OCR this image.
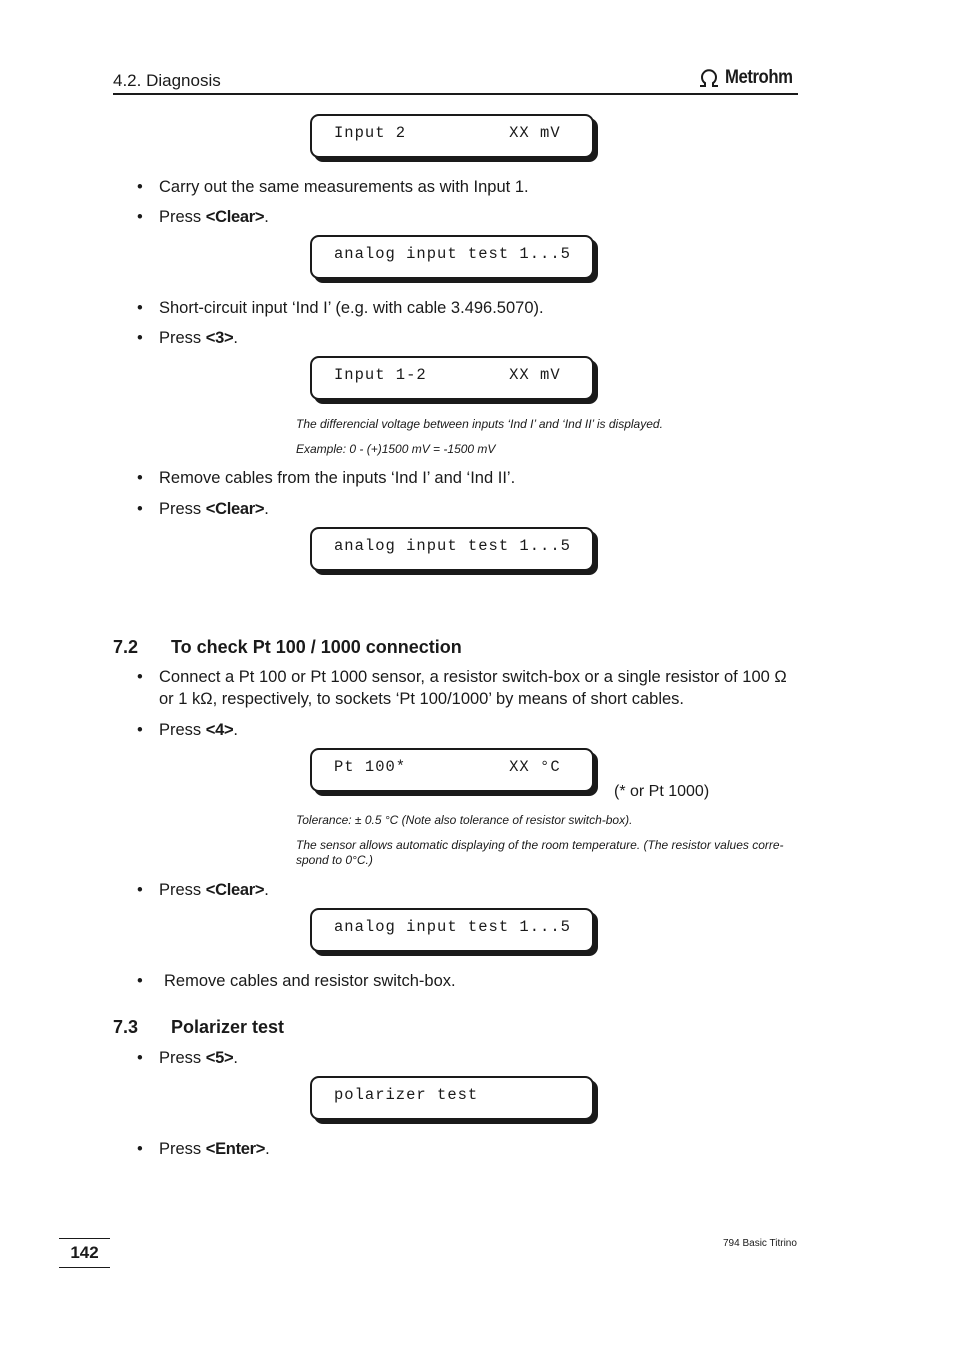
4.2. Diagnosis	Metrohm
Input 2          XX mV
• Carry out the same measurements as with Input 1.
• Press <Clear>.
analog input test 1...5
• Short-circuit input ‘Ind I’ (e.g. with cable 3.496.5070).
• Press <3>.
Input 1-2        XX mV
The differencial voltage between inputs ‘Ind I’ and ‘Ind II’ is displayed.
Example: 0 - (+)1500 mV = -1500 mV
• Remove cables from the inputs ‘Ind I’ and ‘Ind II’.
• Press <Clear>.
analog input test 1...5
7.2 To check Pt 100 / 1000 connection
• Connect a Pt 100 or Pt 1000 sensor, a resistor switch-box or a single resistor of 100 Ω or 1 kΩ, respectively, to sockets ‘Pt 100/1000’ by means of short cables.
• Press <4>.
Pt 100*          XX °C
(* or Pt 1000)
Tolerance: ± 0.5 °C (Note also tolerance of resistor switch-box).
The sensor allows automatic displaying of the room temperature. (The resistor values corre-spond to 0°C.)
• Press <Clear>.
analog input test 1...5
• Remove cables and resistor switch-box.
7.3 Polarizer test
• Press <5>.
polarizer test
• Press <Enter>.
142	794 Basic Titrino
